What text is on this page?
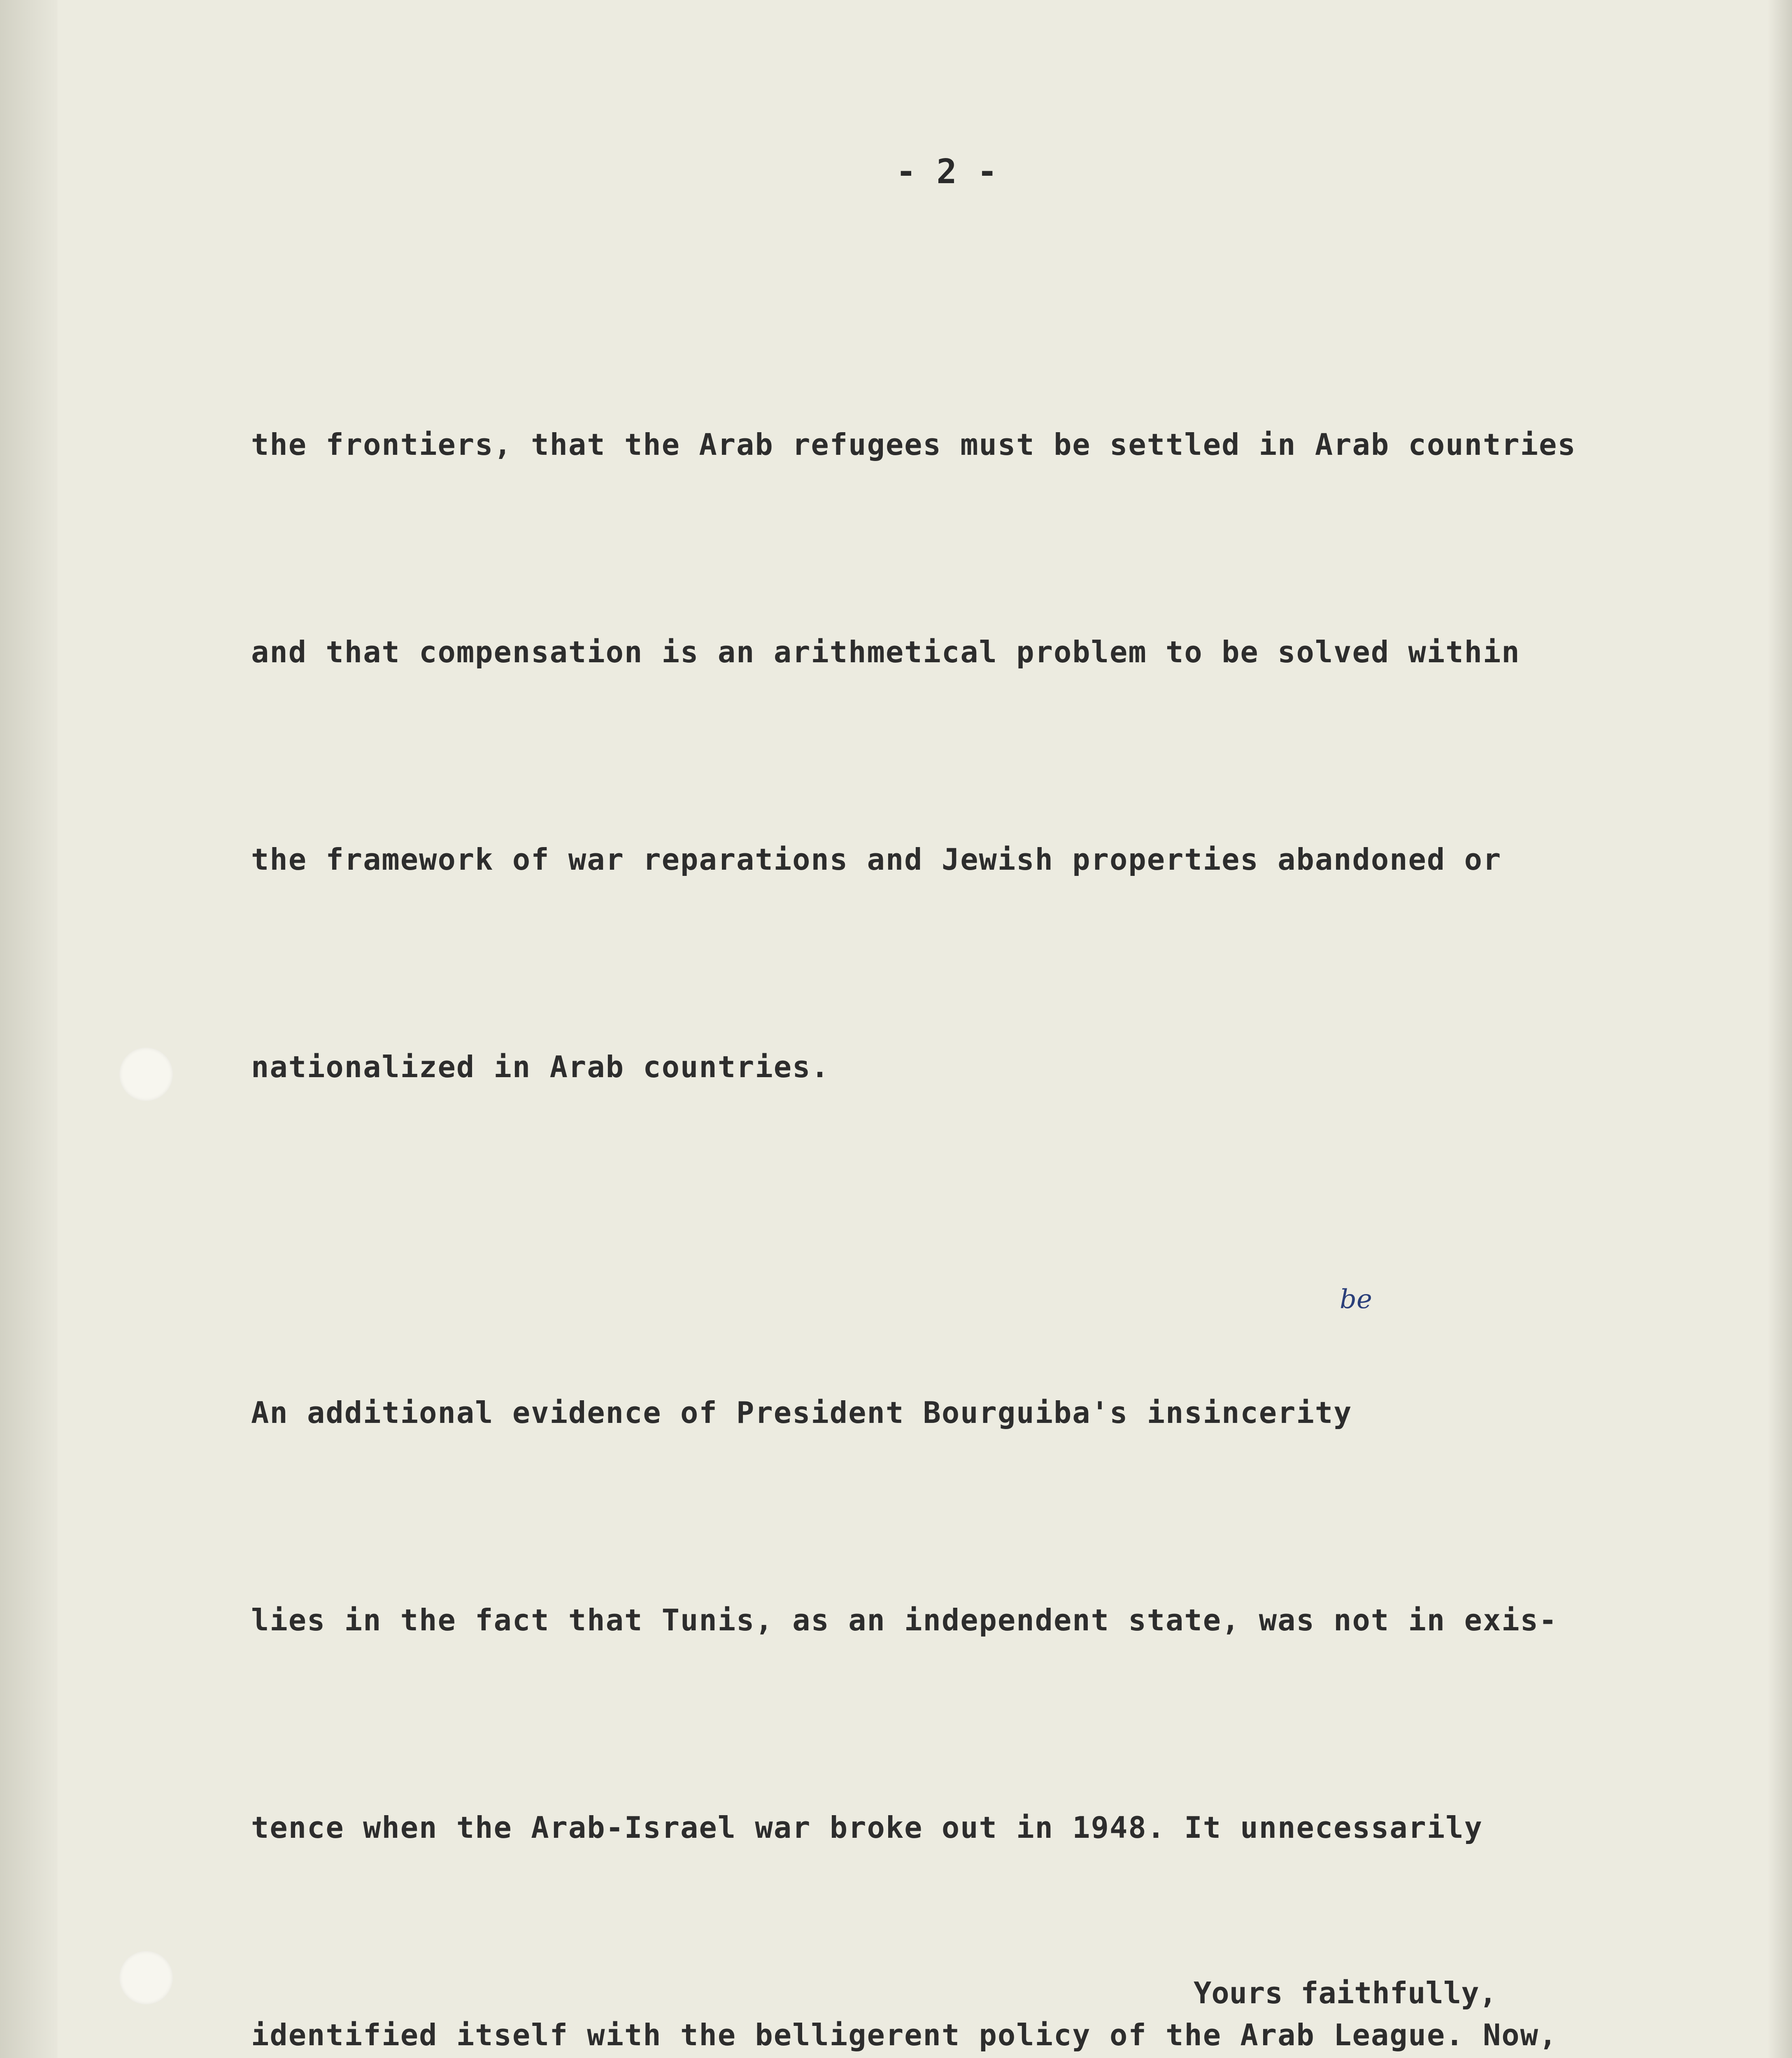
- 2 -

the frontiers, that the Arab refugees must be settled in Arab countries

and that compensation is an arithmetical problem to be solved within

the framework of war reparations and Jewish properties abandoned or

nationalized in Arab countries.

An additional evidence of President Bourguiba's insincerity

lies in the fact that Tunis, as an independent state, was not in exis-

tence when the Arab-Israel war broke out in 1948. It unnecessarily

identified itself with the belligerent policy of the Arab League. Now,

be
Yours faithfully,
